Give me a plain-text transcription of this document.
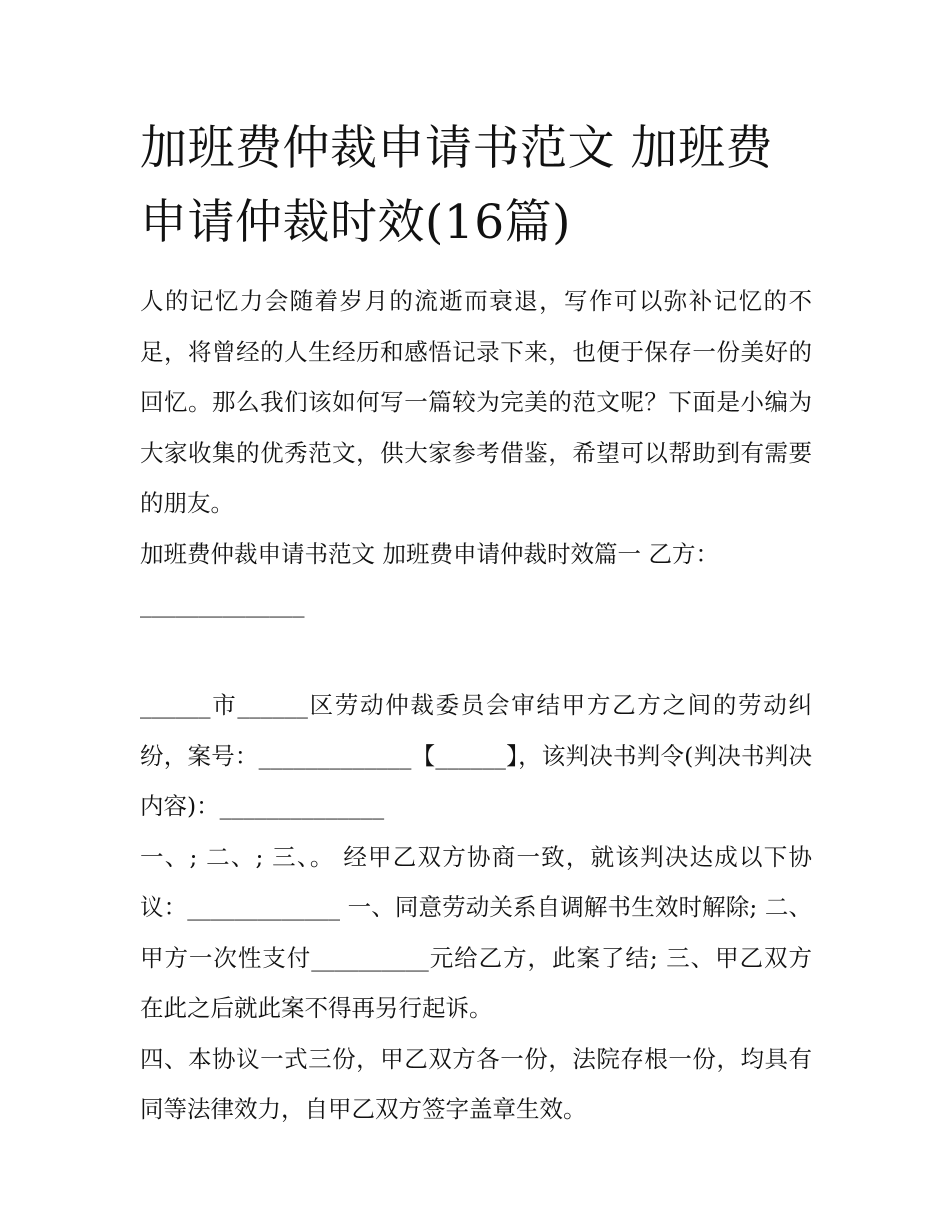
加班费仲裁申请书范文 加班费申请仲裁时效(16篇)

人的记忆力会随着岁月的流逝而衰退，写作可以弥补记忆的不足，将曾经的人生经历和感悟记录下来，也便于保存一份美好的回忆。那么我们该如何写一篇较为完美的范文呢？下面是小编为大家收集的优秀范文，供大家参考借鉴，希望可以帮助到有需要的朋友。

加班费仲裁申请书范文 加班费申请仲裁时效篇一 乙方：

______________

______市______区劳动仲裁委员会审结甲方乙方之间的劳动纠纷，案号：_____________【______】，该判决书判令(判决书判决内容)：______________

一、; 二、; 三、。 经甲乙双方协商一致，就该判决达成以下协议：_____________ 一、同意劳动关系自调解书生效时解除; 二、甲方一次性支付__________元给乙方，此案了结; 三、甲乙双方在此之后就此案不得再另行起诉。

四、本协议一式三份，甲乙双方各一份，法院存根一份，均具有同等法律效力，自甲乙双方签字盖章生效。
